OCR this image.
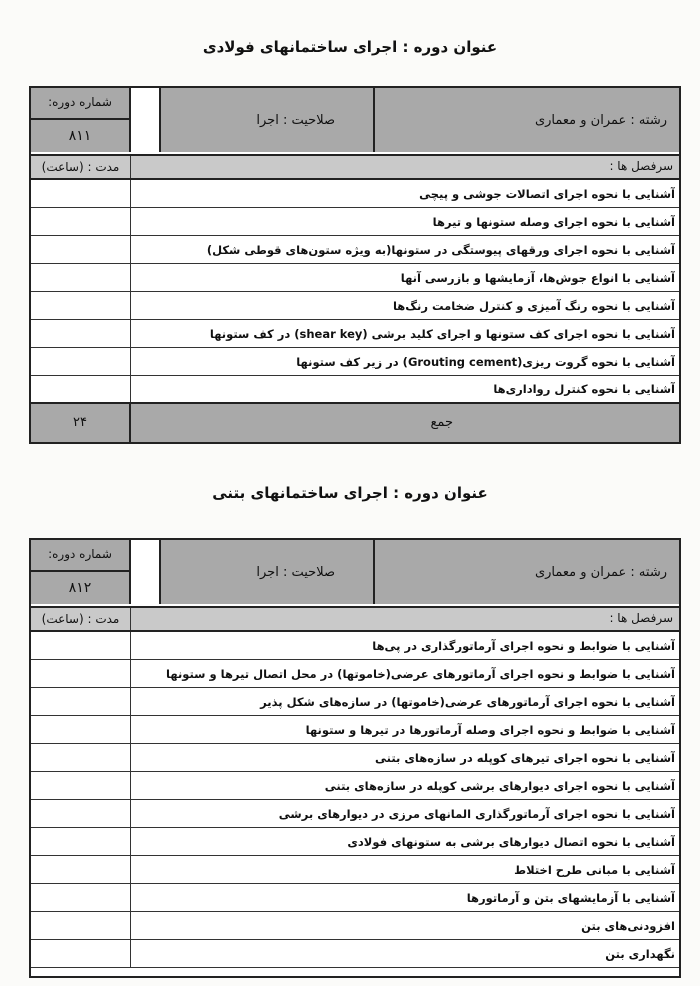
عنوان دوره : اجرای ساختمانهای فولادی
رشته : عمران و معماری
صلاحیت : اجرا
شماره دوره:
۸۱۱
سرفصل ها :
مدت : (ساعت)
آشنایی با نحوه اجرای اتصالات جوشی و پیچی
آشنایی با نحوه اجرای وصله ستونها و تیرها
آشنایی با نحوه اجرای ورقهای پیوستگی در ستونها(به ویژه ستون‌های قوطی شکل)
آشنایی با انواع جوش‌ها، آزمایشها و بازرسی آنها
آشنایی با نحوه رنگ آمیزی و کنترل ضخامت رنگ‌ها
آشنایی با نحوه اجرای کف ستونها و اجرای کلید برشی (shear key) در کف ستونها
آشنایی با نحوه گروت ریزی(Grouting cement) در زیر کف ستونها
آشنایی با نحوه کنترل رواداری‌ها
جمع
۲۴
عنوان دوره : اجرای ساختمانهای بتنی
رشته : عمران و معماری
صلاحیت : اجرا
شماره دوره:
۸۱۲
سرفصل ها :
مدت : (ساعت)
آشنایی با ضوابط و نحوه اجرای آرماتورگذاری در پی‌ها
آشنایی با ضوابط و نحوه اجرای آرماتورهای عرضی(خاموتها) در محل اتصال تیرها و ستونها
آشنایی با نحوه اجرای آرماتورهای عرضی(خاموتها) در سازه‌های شکل پذیر
آشنایی با ضوابط و نحوه اجرای وصله آرماتورها در تیرها و ستونها
آشنایی با نحوه اجرای تیرهای کوپله در سازه‌های بتنی
آشنایی با نحوه اجرای دیوارهای برشی کوپله در سازه‌های بتنی
آشنایی با نحوه اجرای آرماتورگذاری المانهای مرزی در دیوارهای برشی
آشنایی با نحوه اتصال دیوارهای برشی به ستونهای فولادی
آشنایی با مبانی طرح اختلاط
آشنایی با آزمایشهای بتن و آرماتورها
افزودنی‌های بتن
نگهداری بتن
